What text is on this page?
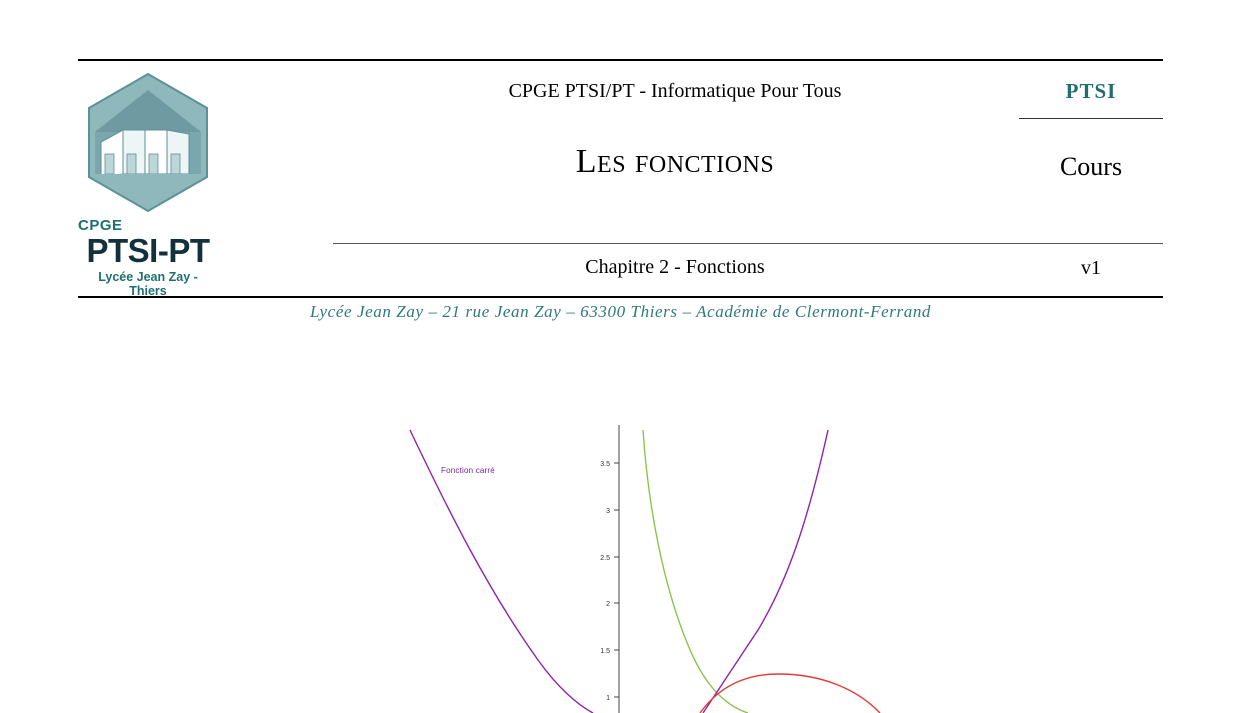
CPGE
PTSI-PT
Lycée Jean Zay - Thiers
CPGE PTSI/PT - Informatique Pour Tous
Les fonctions
Chapitre 2 - Fonctions
PTSI
Cours
v1
Lycée Jean Zay – 21 rue Jean Zay – 63300 Thiers – Académie de Clermont-Ferrand
3.5
3
2.5
2
1.5
1
Fonction carré
